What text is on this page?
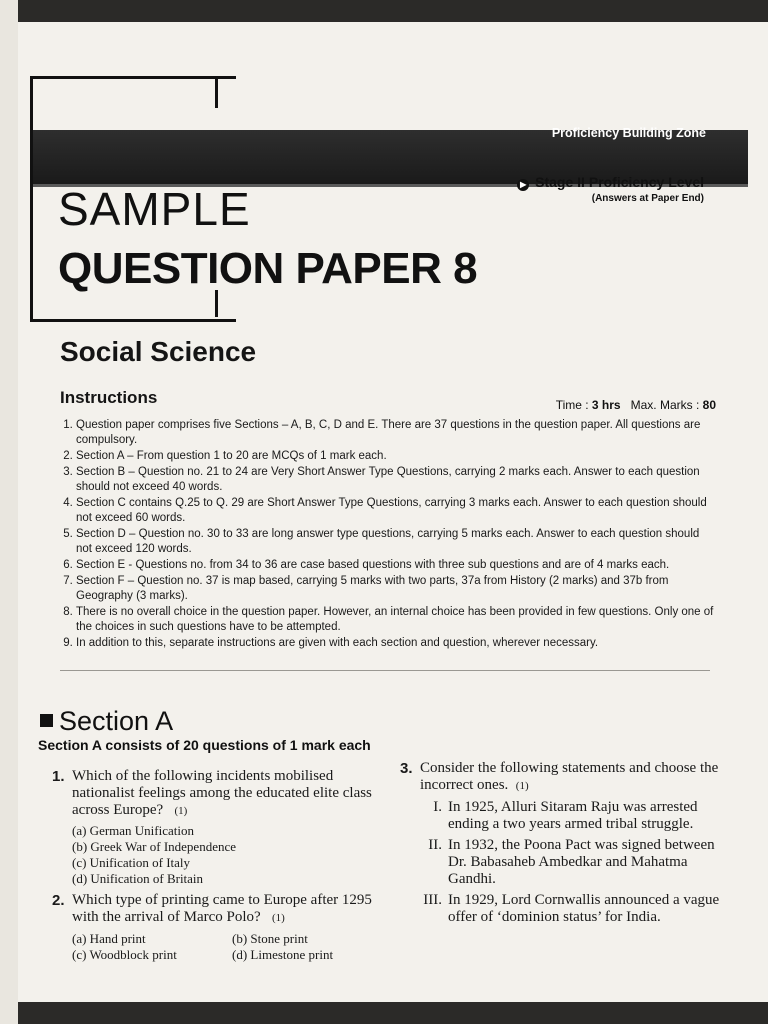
Proficiency Building Zone
▶ Stage II Proficiency Level
(Answers at Paper End)
SAMPLE
QUESTION PAPER 8
Social Science
Instructions	Time : 3 hrs Max. Marks : 80
1. Question paper comprises five Sections – A, B, C, D and E. There are 37 questions in the question paper. All questions are compulsory.
2. Section A – From question 1 to 20 are MCQs of 1 mark each.
3. Section B – Question no. 21 to 24 are Very Short Answer Type Questions, carrying 2 marks each. Answer to each question should not exceed 40 words.
4. Section C contains Q.25 to Q. 29 are Short Answer Type Questions, carrying 3 marks each. Answer to each question should not exceed 60 words.
5. Section D – Question no. 30 to 33 are long answer type questions, carrying 5 marks each. Answer to each question should not exceed 120 words.
6. Section E - Questions no. from 34 to 36 are case based questions with three sub questions and are of 4 marks each.
7. Section F – Question no. 37 is map based, carrying 5 marks with two parts, 37a from History (2 marks) and 37b from Geography (3 marks).
8. There is no overall choice in the question paper. However, an internal choice has been provided in few questions. Only one of the choices in such questions have to be attempted.
9. In addition to this, separate instructions are given with each section and question, wherever necessary.
Section A
Section A consists of 20 questions of 1 mark each
1. Which of the following incidents mobilised nationalist feelings among the educated elite class across Europe? (1)
(a) German Unification
(b) Greek War of Independence
(c) Unification of Italy
(d) Unification of Britain
2. Which type of printing came to Europe after 1295 with the arrival of Marco Polo? (1)
(a) Hand print	(b) Stone print
(c) Woodblock print	(d) Limestone print
3. Consider the following statements and choose the incorrect ones. (1)
I. In 1925, Alluri Sitaram Raju was arrested ending a two years armed tribal struggle.
II. In 1932, the Poona Pact was signed between Dr. Babasaheb Ambedkar and Mahatma Gandhi.
III. In 1929, Lord Cornwallis announced a vague offer of ‘dominion status’ for India.
